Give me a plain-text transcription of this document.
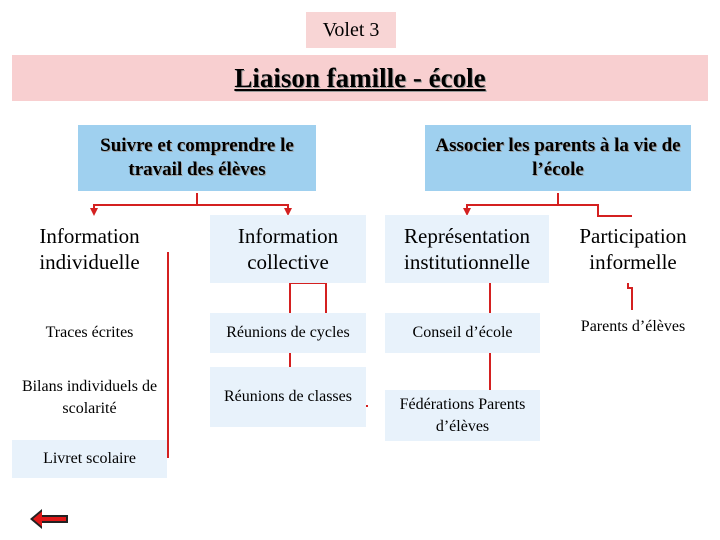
Volet 3
Liaison famille - école
Suivre et comprendre le travail des élèves
Associer les parents à la vie de l’école
Information individuelle
Information collective
Représentation institutionnelle
Participation informelle
Traces écrites
Bilans individuels de scolarité
Livret scolaire
Réunions de cycles
Réunions de classes
Conseil d’école
Fédérations Parents d’élèves
Parents d’élèves
